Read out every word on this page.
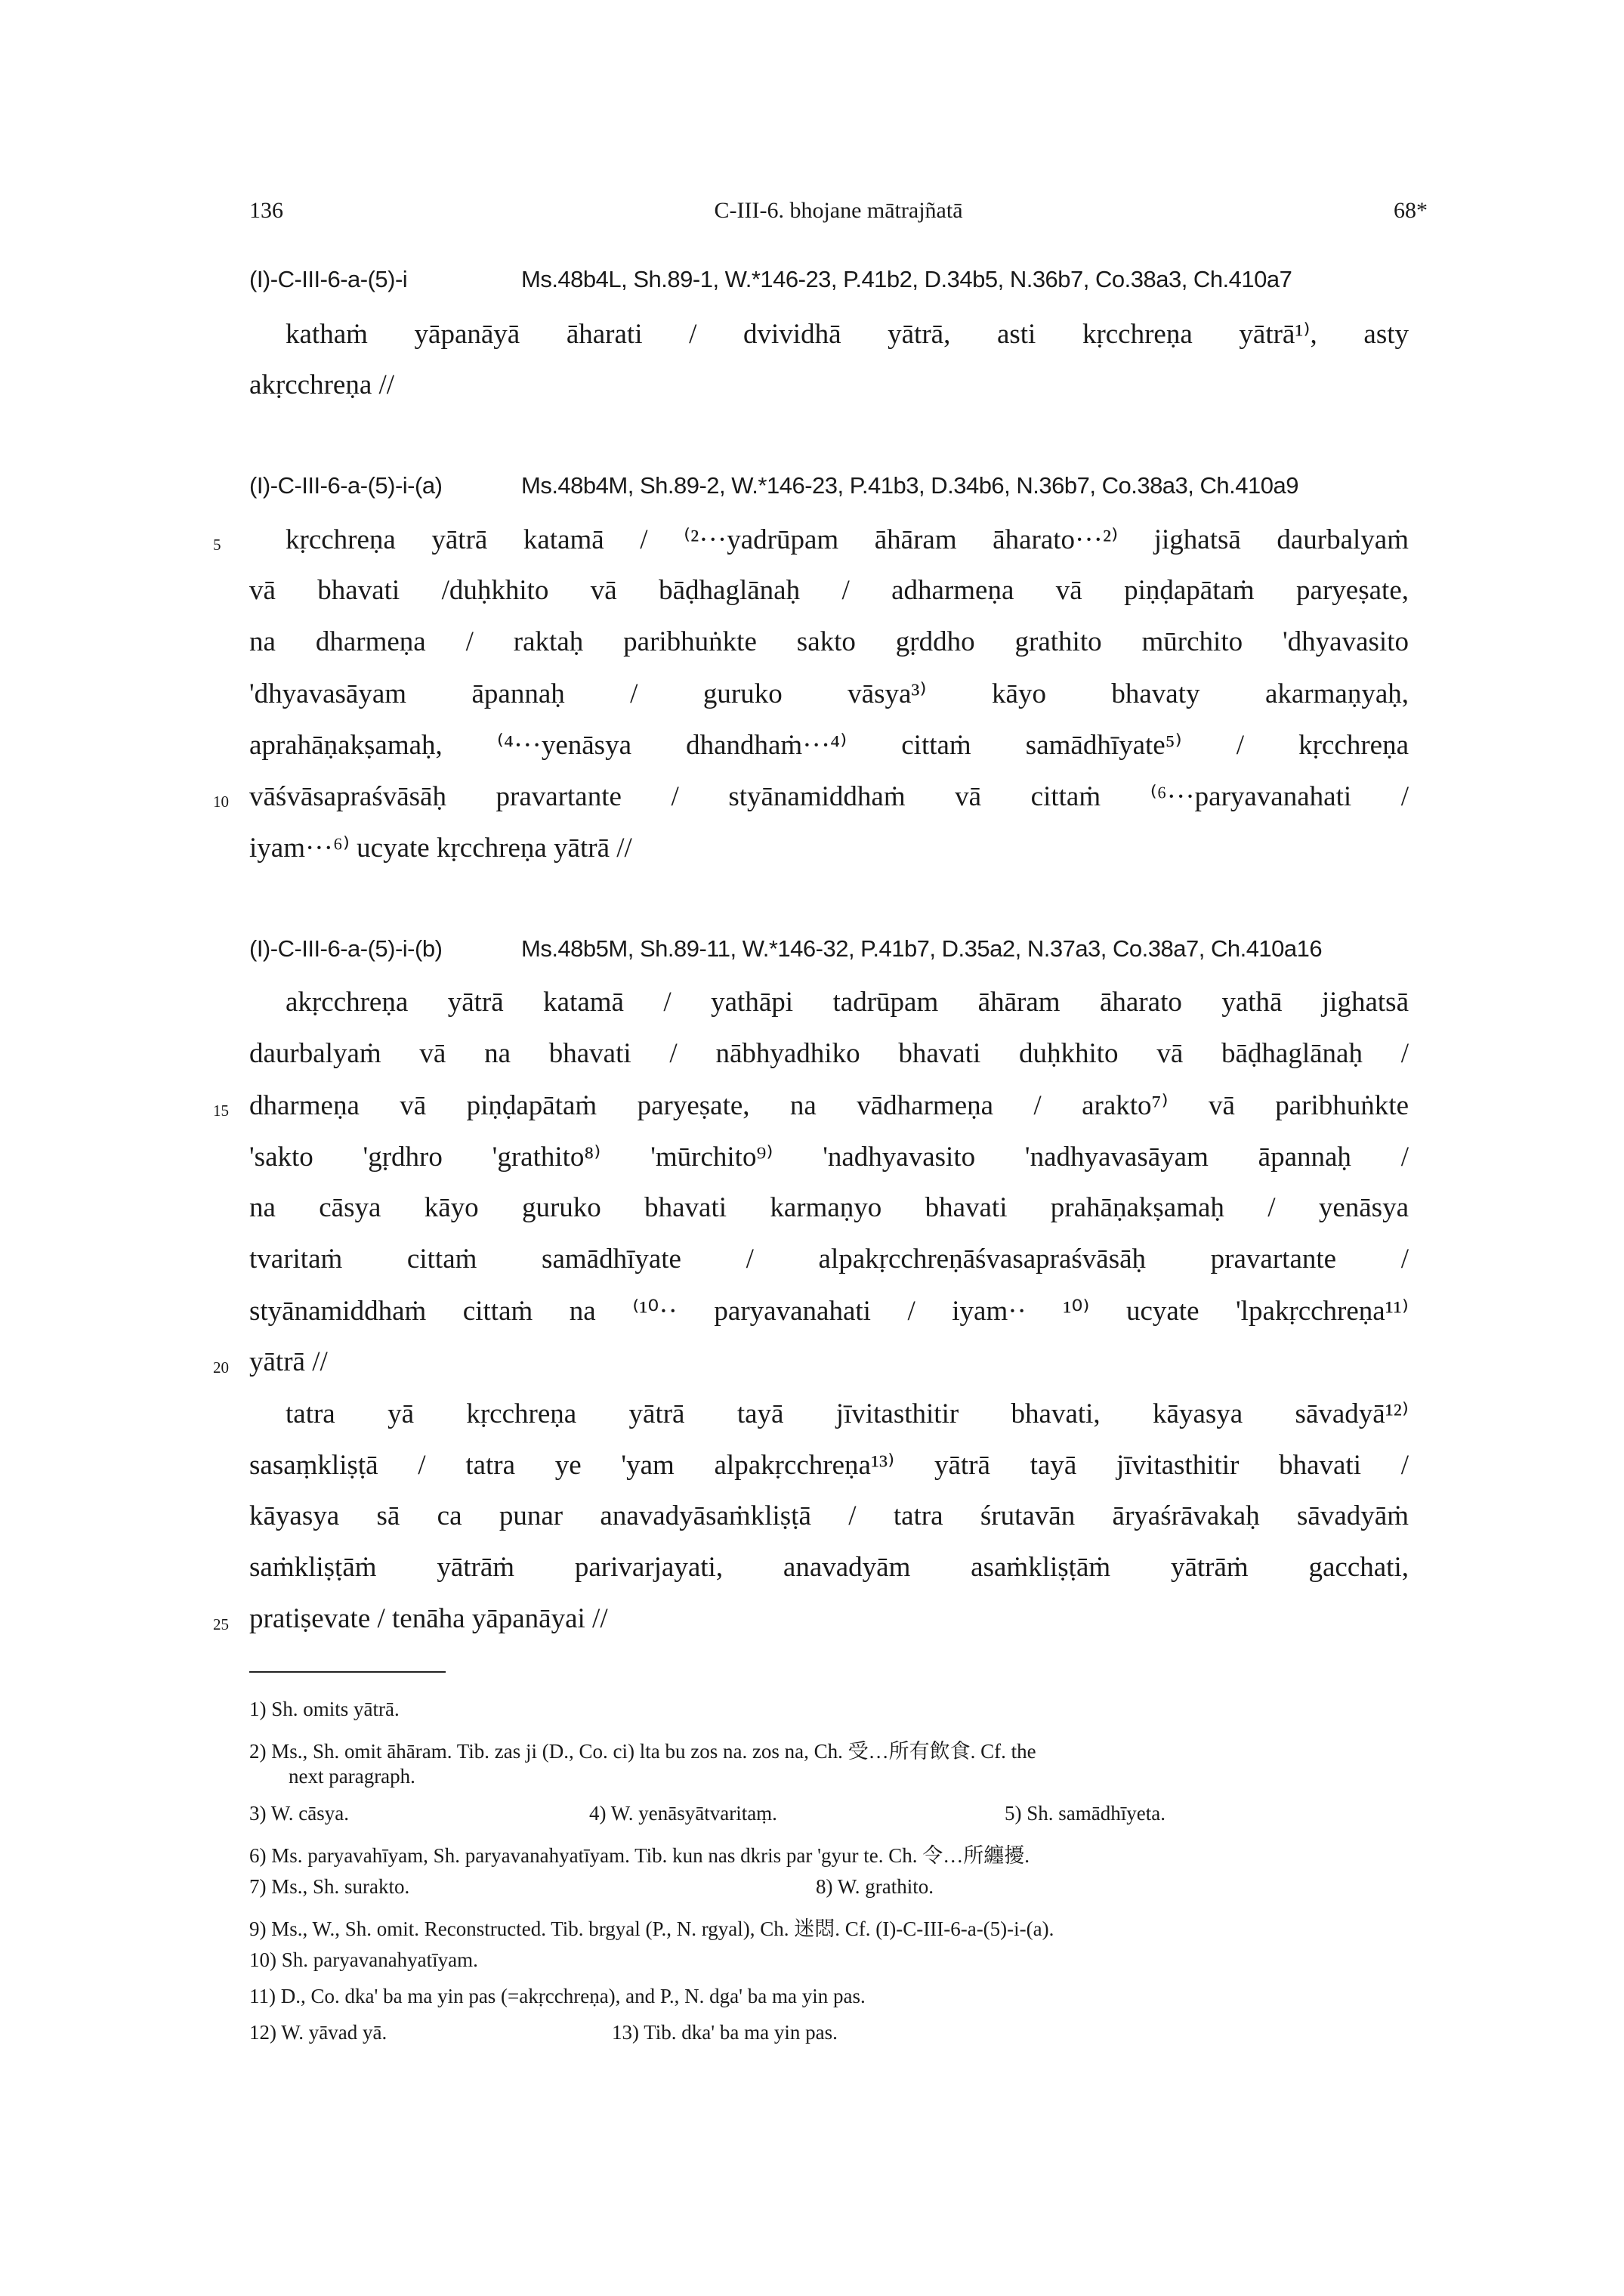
136	C-III-6. bhojane mātrajñatā	68*
(I)-C-III-6-a-(5)-i	Ms.48b4L, Sh.89-1, W.*146-23, P.41b2, D.34b5, N.36b7, Co.38a3, Ch.410a7
kathaṁ yāpanāyā āharati / dvividhā yātrā, asti kṛcchreṇa yātrā¹⁾, asty
akṛcchreṇa //
(I)-C-III-6-a-(5)-i-(a)	Ms.48b4M, Sh.89-2, W.*146-23, P.41b3, D.34b6, N.36b7, Co.38a3, Ch.410a9
kṛcchreṇa yātrā katamā / ⁽²···yadrūpam āhāram āharato···²⁾ jighatsā daurbalyaṁ
vā bhavati /duḥkhito vā bāḍhaglānaḥ / adharmeṇa vā piṇḍapātaṁ paryeṣate,
na dharmeṇa / raktaḥ paribhuṅkte sakto gṛddho grathito mūrchito 'dhyavasito
'dhyavasāyam āpannaḥ / guruko vāsya³⁾ kāyo bhavaty akarmaṇyaḥ,
aprahāṇakṣamaḥ, ⁽⁴···yenāsya dhandhaṁ···⁴⁾ cittaṁ samādhīyate⁵⁾ / kṛcchreṇa
vāśvāsapraśvāsāḥ pravartante / styānamiddhaṁ vā cittaṁ ⁽⁶···paryavanahati /
iyam···⁶⁾ ucyate kṛcchreṇa yātrā //
(I)-C-III-6-a-(5)-i-(b)	Ms.48b5M, Sh.89-11, W.*146-32, P.41b7, D.35a2, N.37a3, Co.38a7, Ch.410a16
akṛcchreṇa yātrā katamā / yathāpi tadrūpam āhāram āharato yathā jighatsā
daurbalyaṁ vā na bhavati / nābhyadhiko bhavati duḥkhito vā bāḍhaglānaḥ /
dharmeṇa vā piṇḍapātaṁ paryeṣate, na vādharmeṇa / arakto⁷⁾ vā paribhuṅkte
'sakto 'gṛdhro 'grathito⁸⁾ 'mūrchito⁹⁾ 'nadhyavasito 'nadhyavasāyam āpannaḥ /
na cāsya kāyo guruko bhavati karmaṇyo bhavati prahāṇakṣamaḥ / yenāsya
tvaritaṁ cittaṁ samādhīyate / alpakṛcchreṇāśvasapraśvāsāḥ pravartante /
styānamiddhaṁ cittaṁ na ⁽¹⁰·· paryavanahati / iyam·· ¹⁰⁾ ucyate 'lpakṛcchreṇa¹¹⁾
yātrā //
tatra yā kṛcchreṇa yātrā tayā jīvitasthitir bhavati, kāyasya sāvadyā¹²⁾
sasaṃkliṣṭā / tatra ye 'yam alpakṛcchreṇa¹³⁾ yātrā tayā jīvitasthitir bhavati /
kāyasya sā ca punar anavadyāsaṁkliṣṭā / tatra śrutavān āryaśrāvakaḥ sāvadyāṁ
saṁkliṣṭāṁ yātrāṁ parivarjayati, anavadyām asaṁkliṣṭāṁ yātrāṁ gacchati,
pratiṣevate / tenāha yāpanāyai //
5
10
15
20
25
1) Sh. omits yātrā.
2) Ms., Sh. omit āhāram. Tib. zas ji (D., Co. ci) lta bu zos na. zos na, Ch. 受…所有飲食. Cf. the
next paragraph.
3) W. cāsya.	4) W. yenāsyātvaritaṃ.	5) Sh. samādhīyeta.
6) Ms. paryavahīyam, Sh. paryavanahyatīyam. Tib. kun nas dkris par 'gyur te. Ch. 令…所纏擾.
7) Ms., Sh. surakto.	8) W. grathito.
9) Ms., W., Sh. omit. Reconstructed. Tib. brgyal (P., N. rgyal), Ch. 迷悶. Cf. (I)-C-III-6-a-(5)-i-(a).
10) Sh. paryavanahyatīyam.
11) D., Co. dka' ba ma yin pas (=akṛcchreṇa), and P., N. dga' ba ma yin pas.
12) W. yāvad yā.	13) Tib. dka' ba ma yin pas.
